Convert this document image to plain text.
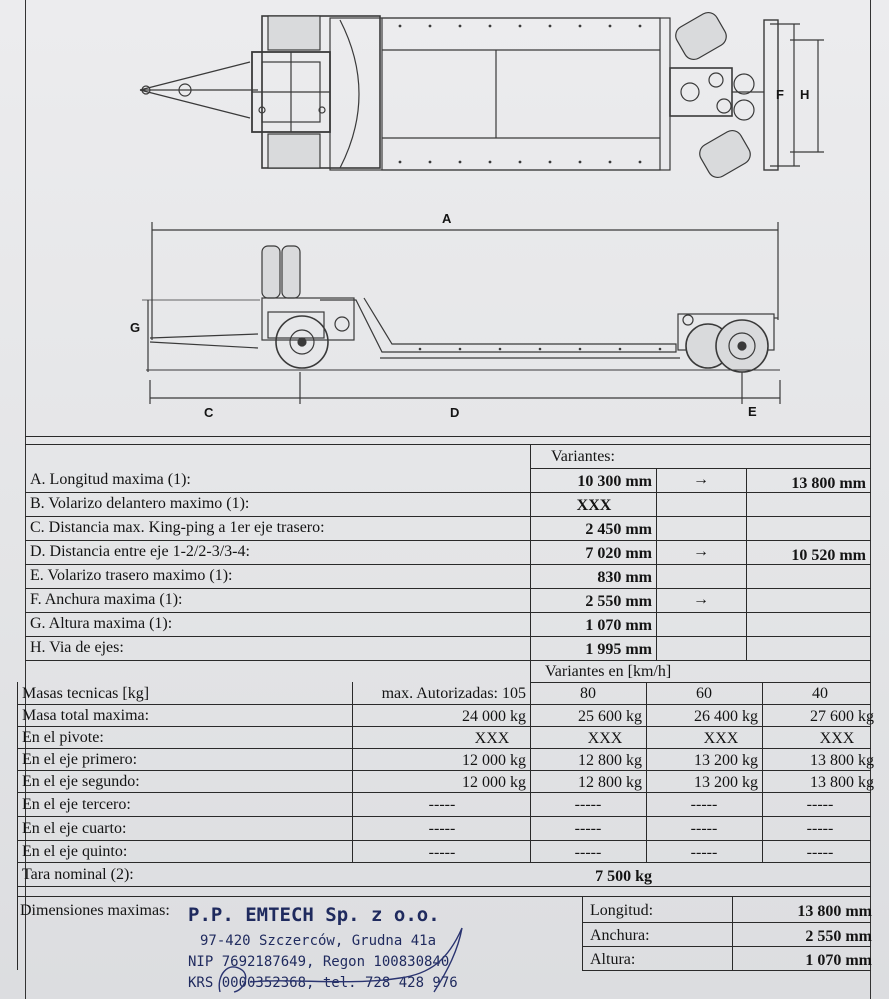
A
G
C	D	E
F H
Variantes:
A. Longitud maxima (1):	10 300 mm	→	13 800 mm
B. Volarizo delantero maximo (1):	XXX
C. Distancia max. King-ping a 1er eje trasero:	2 450 mm
D. Distancia entre eje 1-2/2-3/3-4:	7 020 mm	→	10 520 mm
E. Volarizo trasero maximo (1):	830 mm
F. Anchura maxima (1):	2 550 mm	→
G. Altura maxima (1):	1 070 mm
H. Via de ejes:	1 995 mm
Variantes en [km/h]
Masas tecnicas [kg]	max. Autorizadas: 105	80	60	40
Masa total maxima:	24 000 kg	25 600 kg	26 400 kg	27 600 kg
En el pivote:	XXX	XXX	XXX	XXX
En el eje primero:	12 000 kg	12 800 kg	13 200 kg	13 800 kg
En el eje segundo:	12 000 kg	12 800 kg	13 200 kg	13 800 kg
En el eje tercero:	-----	-----	-----	-----
En el eje cuarto:	-----	-----	-----	-----
En el eje quinto:	-----	-----	-----	-----
Tara nominal (2):	7 500 kg
Dimensiones maximas:	Longitud:	13 800 mm
Anchura:	2 550 mm
Altura:	1 070 mm
P.P. EMTECH Sp. z o.o.
97-420 Szczerców, Grudna 41a
NIP 7692187649, Regon 100830840
KRS 0000352368, tel. 728 428 976
